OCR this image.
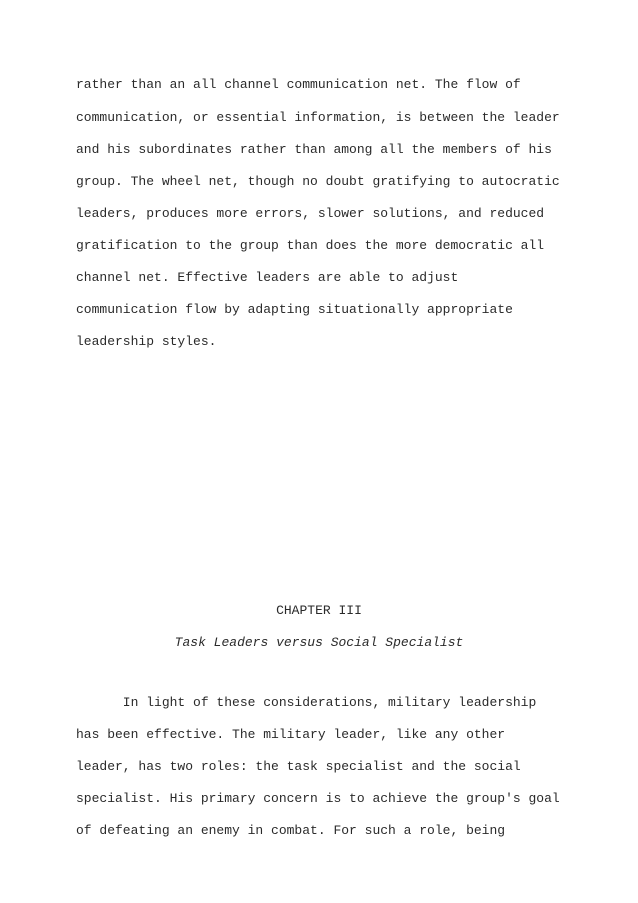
rather than an all channel communication net. The flow of
communication, or essential information, is between the leader
and his subordinates rather than among all the members of his
group. The wheel net, though no doubt gratifying to autocratic
leaders, produces more errors, slower solutions, and reduced
gratification to the group than does the more democratic all
channel net. Effective leaders are able to adjust
communication flow by adapting situationally appropriate
leadership styles.
CHAPTER III
Task Leaders versus Social Specialist
In light of these considerations, military leadership
has been effective. The military leader, like any other
leader, has two roles: the task specialist and the social
specialist. His primary concern is to achieve the group's goal
of defeating an enemy in combat. For such a role, being
